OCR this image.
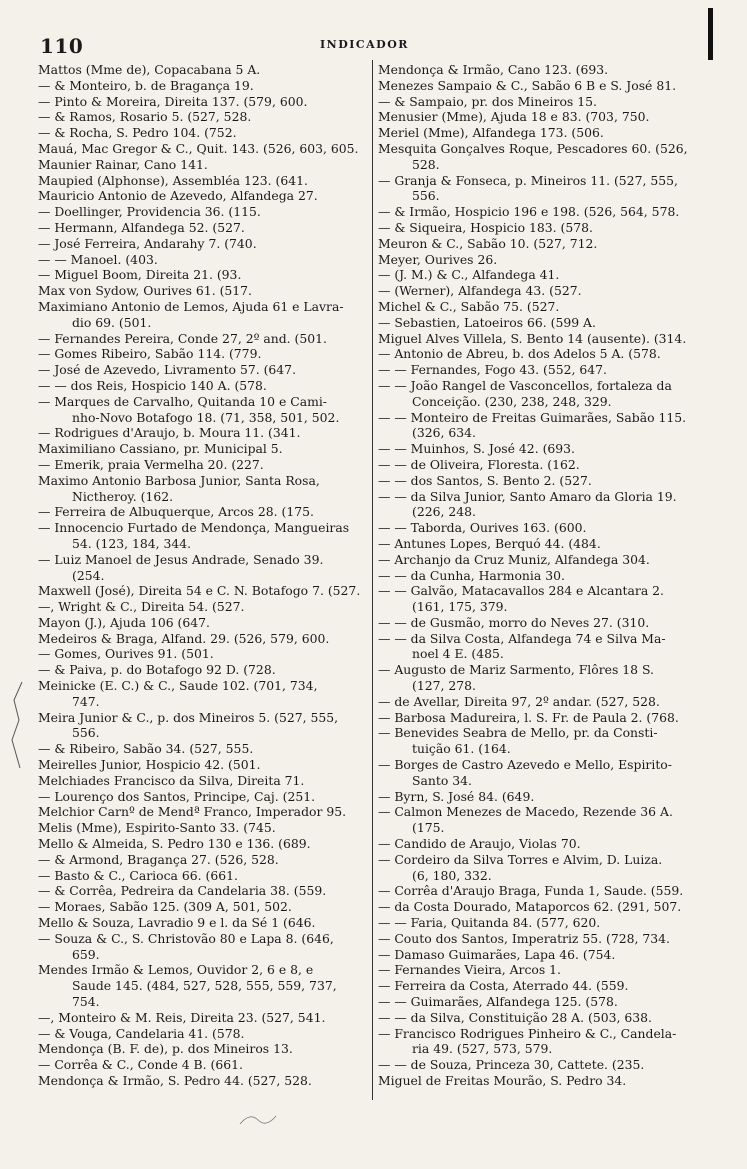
110	INDICADOR
Mattos (Mme de), Copacabana 5 A.
— & Monteiro, b. de Bragança 19.
— Pinto & Moreira, Direita 137. (579, 600.
— & Ramos, Rosario 5. (527, 528.
— & Rocha, S. Pedro 104. (752.
Mauá, Mac Gregor & C., Quit. 143. (526, 603, 605.
Maunier Rainar, Cano 141.
Maupied (Alphonse), Assembléa 123. (641.
Mauricio Antonio de Azevedo, Alfandega 27.
— Doellinger, Providencia 36. (115.
— Hermann, Alfandega 52. (527.
— José Ferreira, Andarahy 7. (740.
— — Manoel. (403.
— Miguel Boom, Direita 21. (93.
Max von Sydow, Ourives 61. (517.
Maximiano Antonio de Lemos, Ajuda 61 e Lavra-
dio 69. (501.
— Fernandes Pereira, Conde 27, 2º and. (501.
— Gomes Ribeiro, Sabão 114. (779.
— José de Azevedo, Livramento 57. (647.
— — dos Reis, Hospicio 140 A. (578.
— Marques de Carvalho, Quitanda 10 e Cami-
nho-Novo Botafogo 18. (71, 358, 501, 502.
— Rodrigues d'Araujo, b. Moura 11. (341.
Maximiliano Cassiano, pr. Municipal 5.
— Emerik, praia Vermelha 20. (227.
Maximo Antonio Barbosa Junior, Santa Rosa,
Nictheroy. (162.
— Ferreira de Albuquerque, Arcos 28. (175.
— Innocencio Furtado de Mendonça, Mangueiras
54. (123, 184, 344.
— Luiz Manoel de Jesus Andrade, Senado 39.
(254.
Maxwell (José), Direita 54 e C. N. Botafogo 7. (527.
—, Wright & C., Direita 54. (527.
Mayon (J.), Ajuda 106 (647.
Medeiros & Braga, Alfand. 29. (526, 579, 600.
— Gomes, Ourives 91. (501.
— & Paiva, p. do Botafogo 92 D. (728.
Meinicke (E. C.) & C., Saude 102. (701, 734,
747.
Meira Junior & C., p. dos Mineiros 5. (527, 555,
556.
— & Ribeiro, Sabão 34. (527, 555.
Meirelles Junior, Hospicio 42. (501.
Melchiades Francisco da Silva, Direita 71.
— Lourenço dos Santos, Principe, Caj. (251.
Melchior Carnº de Mendª Franco, Imperador 95.
Melis (Mme), Espirito-Santo 33. (745.
Mello & Almeida, S. Pedro 130 e 136. (689.
— & Armond, Bragança 27. (526, 528.
— Basto & C., Carioca 66. (661.
— & Corrêa, Pedreira da Candelaria 38. (559.
— Moraes, Sabão 125. (309 A, 501, 502.
Mello & Souza, Lavradio 9 e l. da Sé 1 (646.
— Souza & C., S. Christovão 80 e Lapa 8. (646,
659.
Mendes Irmão & Lemos, Ouvidor 2, 6 e 8, e
Saude 145. (484, 527, 528, 555, 559, 737,
754.
—, Monteiro & M. Reis, Direita 23. (527, 541.
— & Vouga, Candelaria 41. (578.
Mendonça (B. F. de), p. dos Mineiros 13.
— Corrêa & C., Conde 4 B. (661.
Mendonça & Irmão, S. Pedro 44. (527, 528.
Mendonça & Irmão, Cano 123. (693.
Menezes Sampaio & C., Sabão 6 B e S. José 81.
— & Sampaio, pr. dos Mineiros 15.
Menusier (Mme), Ajuda 18 e 83. (703, 750.
Meriel (Mme), Alfandega 173. (506.
Mesquita Gonçalves Roque, Pescadores 60. (526,
528.
— Granja & Fonseca, p. Mineiros 11. (527, 555,
556.
— & Irmão, Hospicio 196 e 198. (526, 564, 578.
— & Siqueira, Hospicio 183. (578.
Meuron & C., Sabão 10. (527, 712.
Meyer, Ourives 26.
— (J. M.) & C., Alfandega 41.
— (Werner), Alfandega 43. (527.
Michel & C., Sabão 75. (527.
— Sebastien, Latoeiros 66. (599 A.
Miguel Alves Villela, S. Bento 14 (ausente). (314.
— Antonio de Abreu, b. dos Adelos 5 A. (578.
— — Fernandes, Fogo 43. (552, 647.
— — João Rangel de Vasconcellos, fortaleza da
Conceição. (230, 238, 248, 329.
— — Monteiro de Freitas Guimarães, Sabão 115.
(326, 634.
— — Muinhos, S. José 42. (693.
— — de Oliveira, Floresta. (162.
— — dos Santos, S. Bento 2. (527.
— — da Silva Junior, Santo Amaro da Gloria 19.
(226, 248.
— — Taborda, Ourives 163. (600.
— Antunes Lopes, Berquó 44. (484.
— Archanjo da Cruz Muniz, Alfandega 304.
— — da Cunha, Harmonia 30.
— — Galvão, Matacavallos 284 e Alcantara 2.
(161, 175, 379.
— — de Gusmão, morro do Neves 27. (310.
— — da Silva Costa, Alfandega 74 e Silva Ma-
noel 4 E. (485.
— Augusto de Mariz Sarmento, Flôres 18 S.
(127, 278.
— de Avellar, Direita 97, 2º andar. (527, 528.
— Barbosa Madureira, l. S. Fr. de Paula 2. (768.
— Benevides Seabra de Mello, pr. da Consti-
tuição 61. (164.
— Borges de Castro Azevedo e Mello, Espirito-
Santo 34.
— Byrn, S. José 84. (649.
— Calmon Menezes de Macedo, Rezende 36 A.
(175.
— Candido de Araujo, Violas 70.
— Cordeiro da Silva Torres e Alvim, D. Luiza.
(6, 180, 332.
— Corrêa d'Araujo Braga, Funda 1, Saude. (559.
— da Costa Dourado, Mataporcos 62. (291, 507.
— — Faria, Quitanda 84. (577, 620.
— Couto dos Santos, Imperatriz 55. (728, 734.
— Damaso Guimarães, Lapa 46. (754.
— Fernandes Vieira, Arcos 1.
— Ferreira da Costa, Aterrado 44. (559.
— — Guimarães, Alfandega 125. (578.
— — da Silva, Constituição 28 A. (503, 638.
— Francisco Rodrigues Pinheiro & C., Candela-
ria 49. (527, 573, 579.
— — de Souza, Princeza 30, Cattete. (235.
Miguel de Freitas Mourão, S. Pedro 34.
